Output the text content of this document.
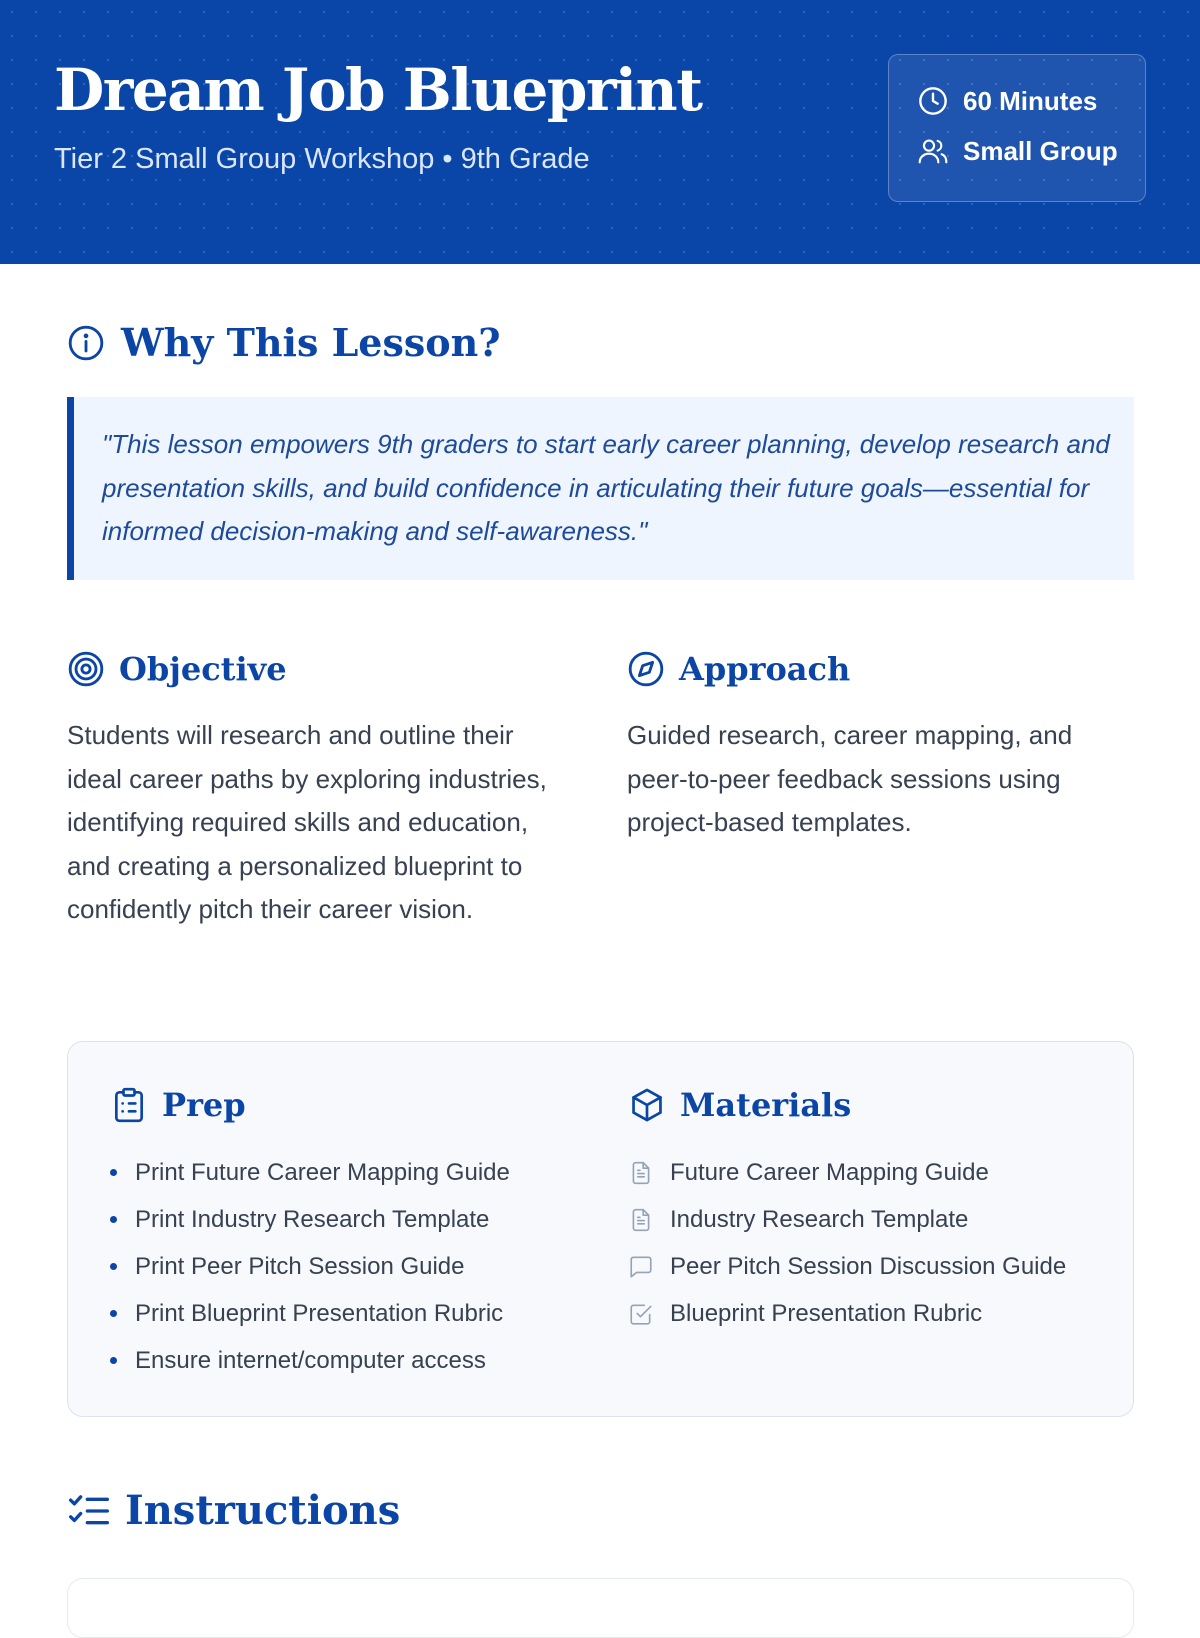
Dream Job Blueprint
Tier 2 Small Group Workshop • 9th Grade
60 Minutes
Small Group
Why This Lesson?
"This lesson empowers 9th graders to start early career planning, develop research and presentation skills, and build confidence in articulating their future goals—essential for informed decision-making and self-awareness."
Objective

Students will research and outline their ideal career paths by exploring industries, identifying required skills and education, and creating a personalized blueprint to confidently pitch their career vision.

Approach

Guided research, career mapping, and peer-to-peer feedback sessions using project-based templates.

Prep
Print Future Career Mapping Guide
Print Industry Research Template
Print Peer Pitch Session Guide
Print Blueprint Presentation Rubric
Ensure internet/computer access
Materials
Future Career Mapping Guide
Industry Research Template
Peer Pitch Session Discussion Guide
Blueprint Presentation Rubric
Instructions
